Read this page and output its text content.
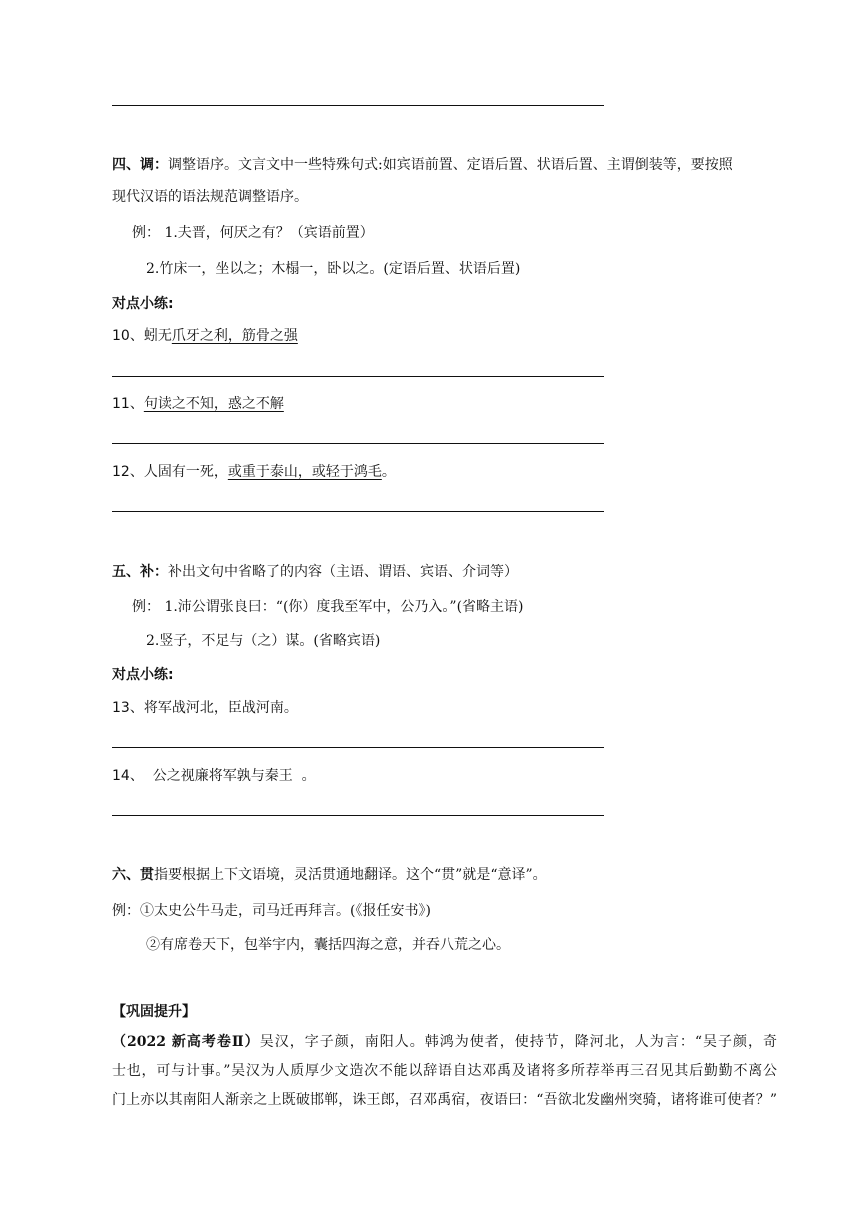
四、调：调整语序。文言文中一些特殊句式:如宾语前置、定语后置、状语后置、主谓倒装等，要按照
现代汉语的语法规范调整语序。
例： 1.夫晋，何厌之有？（宾语前置）
2.竹床一，坐以之；木榻一，卧以之。(定语后置、状语后置)
对点小练:
10、蚓无爪牙之利，筋骨之强
11、句读之不知，惑之不解
12、人固有一死，或重于泰山，或轻于鸿毛。
五、补：补出文句中省略了的内容（主语、谓语、宾语、介词等）
例： 1.沛公谓张良曰：“(你）度我至军中，公乃入。”(省略主语)
2.竖子，不足与（之）谋。(省略宾语)
对点小练:
13、将军战河北，臣战河南。
14、  公之视廉将军孰与秦王  。
六、贯指要根据上下文语境，灵活贯通地翻译。这个“贯”就是“意译”。
例：①太史公牛马走，司马迁再拜言。(《报任安书》)
②有席卷天下，包举宇内，囊括四海之意，并吞八荒之心。
【巩固提升】
（2022 新高考卷Ⅱ）吴汉，字子颜，南阳人。韩鸿为使者，使持节，降河北，人为言：“吴子颜，奇
士也，可与计事。”吴汉为人质厚少文造次不能以辞语自达邓禹及诸将多所荐举再三召见其后勤勤不离公
门上亦以其南阳人渐亲之上既破邯郸，诛王郎，召邓禹宿，夜语曰：“吾欲北发幽州突骑，诸将谁可使者？”
